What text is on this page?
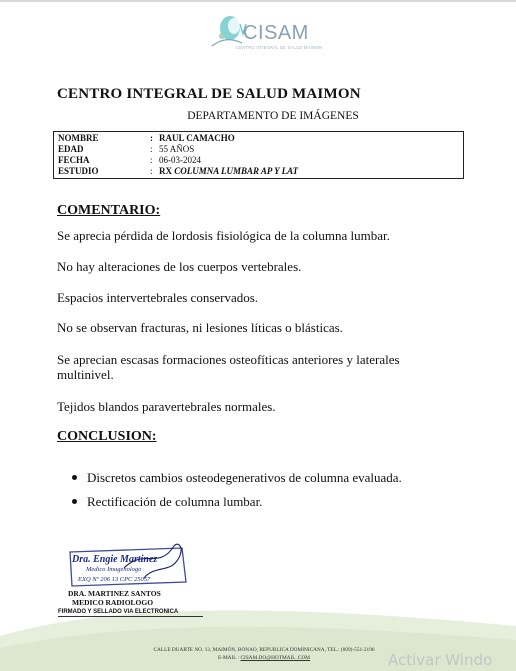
CISAM
CENTRO INTEGRAL DE SALUD MAIMON
CENTRO INTEGRAL DE SALUD MAIMON
DEPARTAMENTO DE IMÁGENES
NOMBRE	: RAUL CAMACHO
EDAD	: 55 AÑOS
FECHA	: 06-03-2024
ESTUDIO	: RX COLUMNA LUMBAR AP Y LAT
COMENTARIO:
Se aprecia pérdida de lordosis fisiológica de la columna lumbar.
No hay alteraciones de los cuerpos vertebrales.
Espacios intervertebrales conservados.
No se observan fracturas, ni lesiones líticas o blásticas.
Se aprecian escasas formaciones osteofíticas anteriores y laterales multinivel.
Tejidos blandos paravertebrales normales.
CONCLUSION:
Discretos cambios osteodegenerativos de columna evaluada.
Rectificación de columna lumbar.
Dra. Engie Martinez
Medico Imagenologo
EXQ Nº 206 13 CPC 25057
DRA. MARTINEZ SANTOS
MEDICO RADIOLOGO
FIRMADO Y SELLADO VIA ELECTRONICA
CALLE DUARTE NO. 13, MAIMÓN, BONAO, REPUBLICA DOMINICANA, TEL.: (809)-551-2196
E-MAIL : CISAM.DO@HOTMAIL .COM	Activar Windo
